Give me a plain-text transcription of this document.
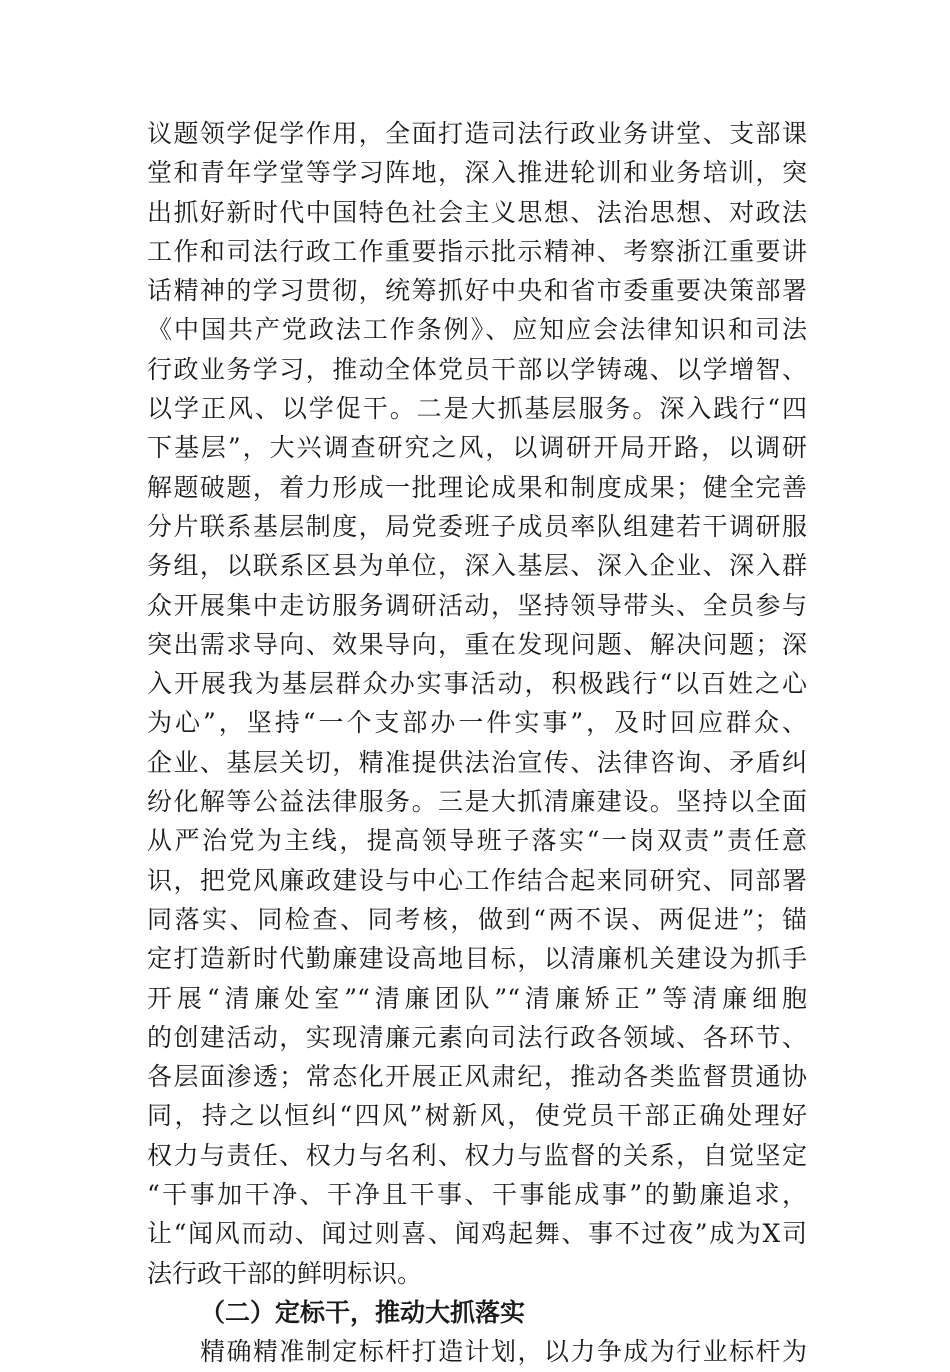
议题领学促学作用，全面打造司法行政业务讲堂、支部课
堂和青年学堂等学习阵地，深入推进轮训和业务培训，突
出抓好新时代中国特色社会主义思想、法治思想、对政法
工作和司法行政工作重要指示批示精神、考察浙江重要讲
话精神的学习贯彻，统筹抓好中央和省市委重要决策部署
《中国共产党政法工作条例》、应知应会法律知识和司法
行政业务学习，推动全体党员干部以学铸魂、以学增智、
以学正风、以学促干。二是大抓基层服务。深入践行“四
下基层”，大兴调查研究之风，以调研开局开路，以调研
解题破题，着力形成一批理论成果和制度成果；健全完善
分片联系基层制度，局党委班子成员率队组建若干调研服
务组，以联系区县为单位，深入基层、深入企业、深入群
众开展集中走访服务调研活动，坚持领导带头、全员参与
突出需求导向、效果导向，重在发现问题、解决问题；深
入开展我为基层群众办实事活动，积极践行“以百姓之心
为心”，坚持“一个支部办一件实事”，及时回应群众、
企业、基层关切，精准提供法治宣传、法律咨询、矛盾纠
纷化解等公益法律服务。三是大抓清廉建设。坚持以全面
从严治党为主线，提高领导班子落实“一岗双责”责任意
识，把党风廉政建设与中心工作结合起来同研究、同部署
同落实、同检查、同考核，做到“两不误、两促进”；锚
定打造新时代勤廉建设高地目标，以清廉机关建设为抓手
开展“清廉处室”“清廉团队”“清廉矫正”等清廉细胞
的创建活动，实现清廉元素向司法行政各领域、各环节、
各层面渗透；常态化开展正风肃纪，推动各类监督贯通协
同，持之以恒纠“四风”树新风，使党员干部正确处理好
权力与责任、权力与名利、权力与监督的关系，自觉坚定
“干事加干净、干净且干事、干事能成事”的勤廉追求，
让“闻风而动、闻过则喜、闻鸡起舞、事不过夜”成为X司
法行政干部的鲜明标识。
（二）定标干，推动大抓落实
精确精准制定标杆打造计划，以力争成为行业标杆为
